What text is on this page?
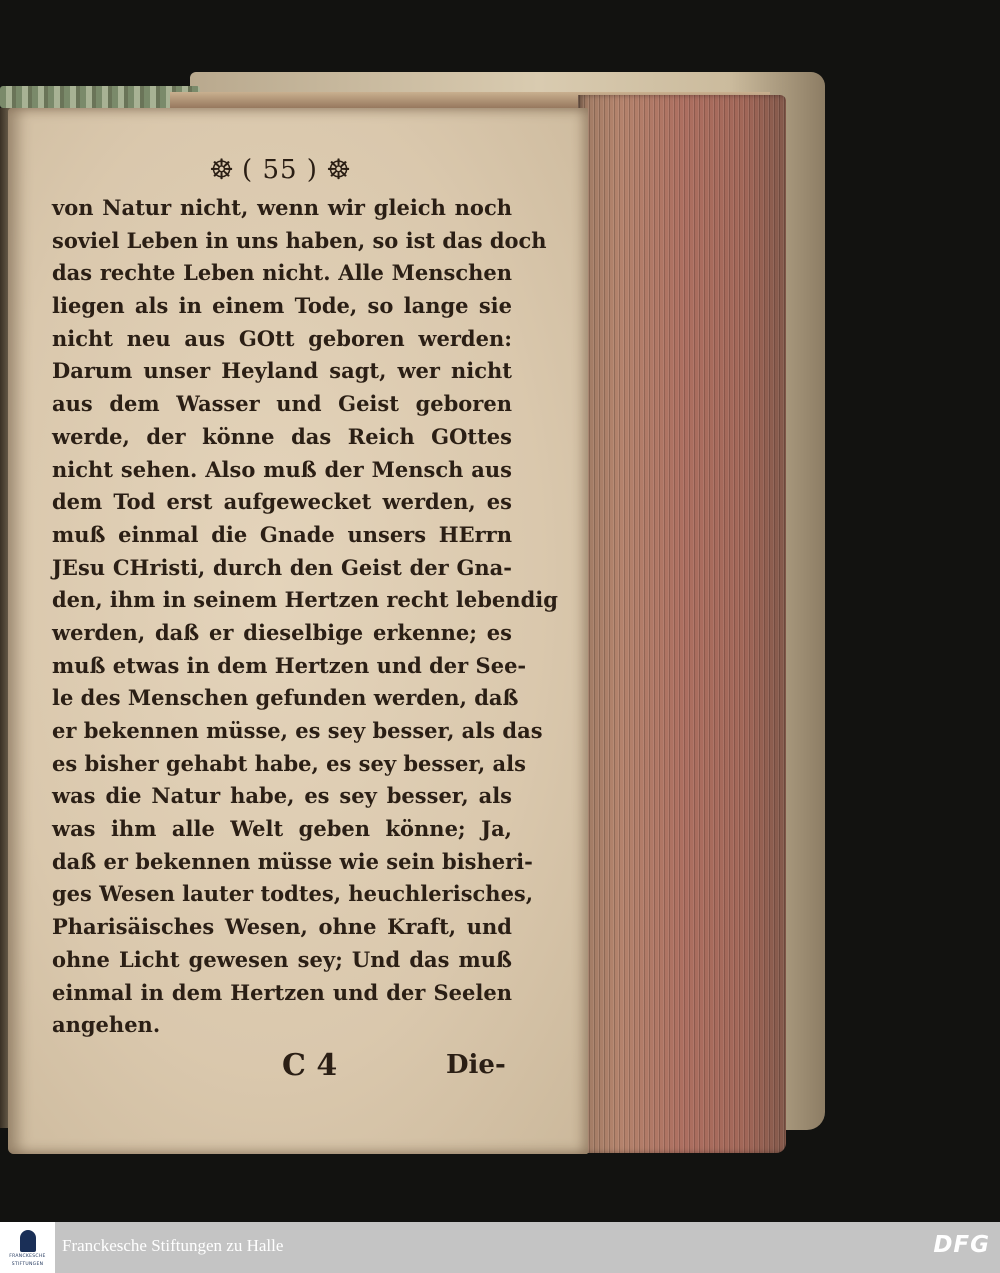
☸ ( 55 ) ☸
von Natur nicht, wenn wir gleich noch
soviel Leben in uns haben, so ist das doch
das rechte Leben nicht. Alle Menschen
liegen als in einem Tode, so lange sie
nicht neu aus GOtt geboren werden:
Darum unser Heyland sagt, wer nicht
aus dem Wasser und Geist geboren
werde, der könne das Reich GOttes
nicht sehen. Also muß der Mensch aus
dem Tod erst aufgewecket werden, es
muß einmal die Gnade unsers HErrn
JEsu CHristi, durch den Geist der Gna-
den, ihm in seinem Hertzen recht lebendig
werden, daß er dieselbige erkenne; es
muß etwas in dem Hertzen und der See-
le des Menschen gefunden werden, daß
er bekennen müsse, es sey besser, als das
es bisher gehabt habe, es sey besser, als
was die Natur habe, es sey besser, als
was ihm alle Welt geben könne; Ja,
daß er bekennen müsse wie sein bisheri-
ges Wesen lauter todtes, heuchlerisches,
Pharisäisches Wesen, ohne Kraft, und
ohne Licht gewesen sey; Und das muß
einmal in dem Hertzen und der Seelen
angehen.
C 4	Die-
FRANCKESCHE
STIFTUNGEN
Franckesche Stiftungen zu Halle	DFG
